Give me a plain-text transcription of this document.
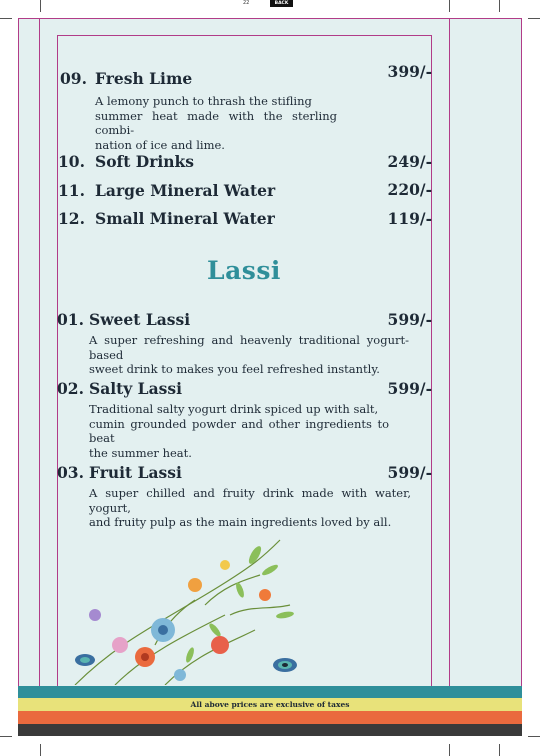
22	BACK
09. Fresh Lime	399/-
A lemony punch to thrash the stifling
summer heat made with the sterling combi-
nation of ice and lime.
10. Soft Drinks	249/-
11. Large Mineral Water	220/-
12. Small Mineral Water	119/-
Lassi
01. Sweet Lassi	599/-
A super refreshing and heavenly traditional yogurt-based
sweet drink to makes you feel refreshed instantly.
02. Salty Lassi	599/-
Traditional salty yogurt drink spiced up with salt,
cumin grounded powder and other ingredients to beat
the summer heat.
03. Fruit Lassi	599/-
A super chilled and fruity drink made with water, yogurt,
and fruity pulp as the main ingredients loved by all.
All above prices are exclusive of taxes
